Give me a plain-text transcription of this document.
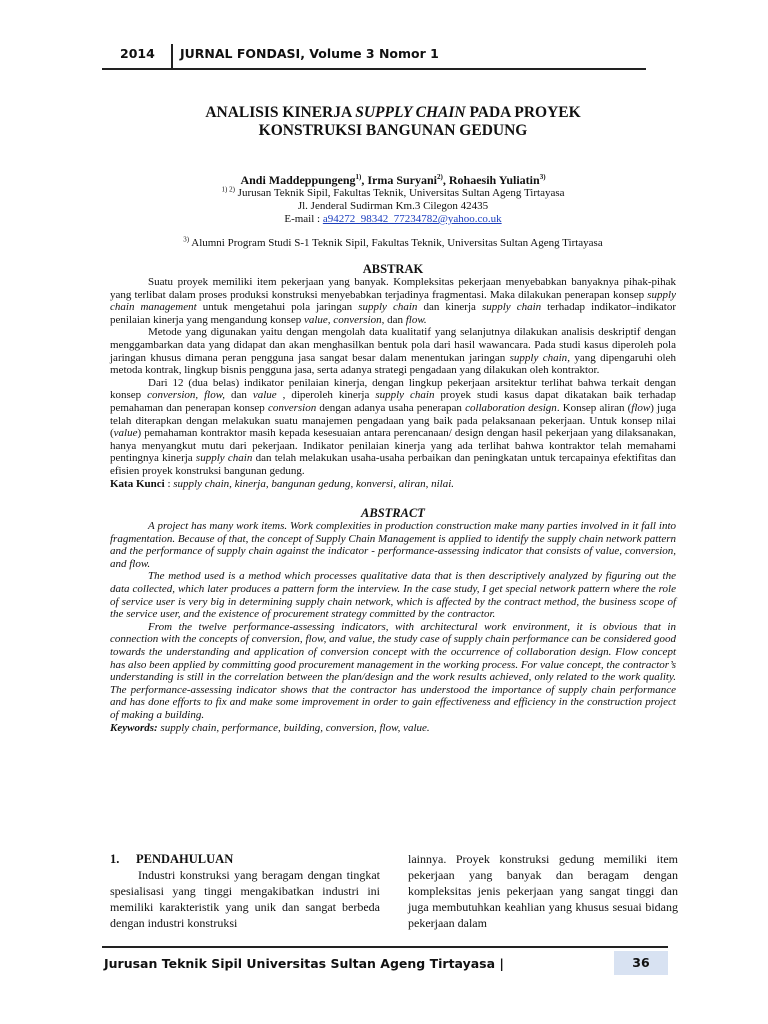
2014 JURNAL FONDASI, Volume 3 Nomor 1
ANALISIS KINERJA SUPPLY CHAIN PADA PROYEK
KONSTRUKSI BANGUNAN GEDUNG
Andi Maddeppungeng$^{1)}$, Irma Suryani$^{2)}$, Rohaesih Yuliatin$^{3)}$
$^{1) 2)}$ Jurusan Teknik Sipil, Fakultas Teknik, Universitas Sultan Ageng Tirtayasa
Jl. Jenderal Sudirman Km.3 Cilegon 42435
E-mail : a94272_98342_77234782@yahoo.co.uk
$^{3)}$ Alumni Program Studi S-1 Teknik Sipil, Fakultas Teknik, Universitas Sultan Ageng Tirtayasa
ABSTRAK

Suatu proyek memiliki item pekerjaan yang banyak. Kompleksitas pekerjaan menyebabkan banyaknya pihak-pihak yang terlibat dalam proses produksi konstruksi menyebabkan terjadinya fragmentasi. Maka dilakukan penerapan konsep supply chain management untuk mengetahui pola jaringan supply chain dan kinerja supply chain terhadap indikator–indikator penilaian kinerja yang mengandung konsep value, conversion, dan flow.

Metode yang digunakan yaitu dengan mengolah data kualitatif yang selanjutnya dilakukan analisis deskriptif dengan menggambarkan data yang didapat dan akan menghasilkan bentuk pola dari hasil wawancara. Pada studi kasus diperoleh pola jaringan khusus dimana peran pengguna jasa sangat besar dalam menentukan jaringan supply chain, yang dipengaruhi oleh metoda kontrak, lingkup bisnis pengguna jasa, serta adanya strategi pengadaan yang dilakukan oleh kontraktor.

Dari 12 (dua belas) indikator penilaian kinerja, dengan lingkup pekerjaan arsitektur terlihat bahwa terkait dengan konsep conversion, flow, dan value , diperoleh kinerja supply chain proyek studi kasus dapat dikatakan baik terhadap pemahaman dan penerapan konsep conversion dengan adanya usaha penerapan collaboration design. Konsep aliran (flow) juga telah diterapkan dengan melakukan suatu manajemen pengadaan yang baik pada pelaksanaan pekerjaan. Untuk konsep nilai (value) pemahaman kontraktor masih kepada kesesuaian antara perencanaan/ design dengan hasil pekerjaan yang dilaksanakan, hanya menyangkut mutu dari pekerjaan. Indikator penilaian kinerja yang ada terlihat bahwa kontraktor telah memahami pentingnya kinerja supply chain dan telah melakukan usaha-usaha perbaikan dan peningkatan untuk tercapainya efektifitas dan efisien proyek konstruksi bangunan gedung.

Kata Kunci : supply chain, kinerja, bangunan gedung, konversi, aliran, nilai.

ABSTRACT

A project has many work items. Work complexities in production construction make many parties involved in it fall into fragmentation. Because of that, the concept of Supply Chain Management is applied to identify the supply chain network pattern and the performance of supply chain against the indicator - performance-assessing indicator that consists of value, conversion, and flow.

The method used is a method which processes qualitative data that is then descriptively analyzed by figuring out the data collected, which later produces a pattern form the interview. In the case study, I get special network pattern where the role of service user is very big in determining supply chain network, which is affected by the contract method, the business scope of the service user, and the existence of procurement strategy committed by the contractor.

From the twelve performance-assessing indicators, with architectural work environment, it is obvious that in connection with the concepts of conversion, flow, and value, the study case of supply chain performance can be considered good towards the understanding and application of conversion concept with the occurrence of collaboration design. Flow concept has also been applied by committing good procurement management in the working process. For value concept, the contractor’s understanding is still in the correlation between the plan/design and the work results achieved, only related to the work quality. The performance-assessing indicator shows that the contractor has understood the importance of supply chain performance and has done efforts to fix and make some improvement in order to gain effectiveness and efficiency in the construction project of making a building.

Keywords: supply chain, performance, building, conversion, flow, value.

1. PENDAHULUAN

Industri konstruksi yang beragam dengan tingkat spesialisasi yang tinggi mengakibatkan industri ini memiliki karakteristik yang unik dan sangat berbeda dengan industri konstruksi

lainnya. Proyek konstruksi gedung memiliki item pekerjaan yang banyak dan beragam dengan kompleksitas jenis pekerjaan yang sangat tinggi dan juga membutuhkan keahlian yang khusus sesuai bidang pekerjaan dalam

Jurusan Teknik Sipil Universitas Sultan Ageng Tirtayasa |	36
